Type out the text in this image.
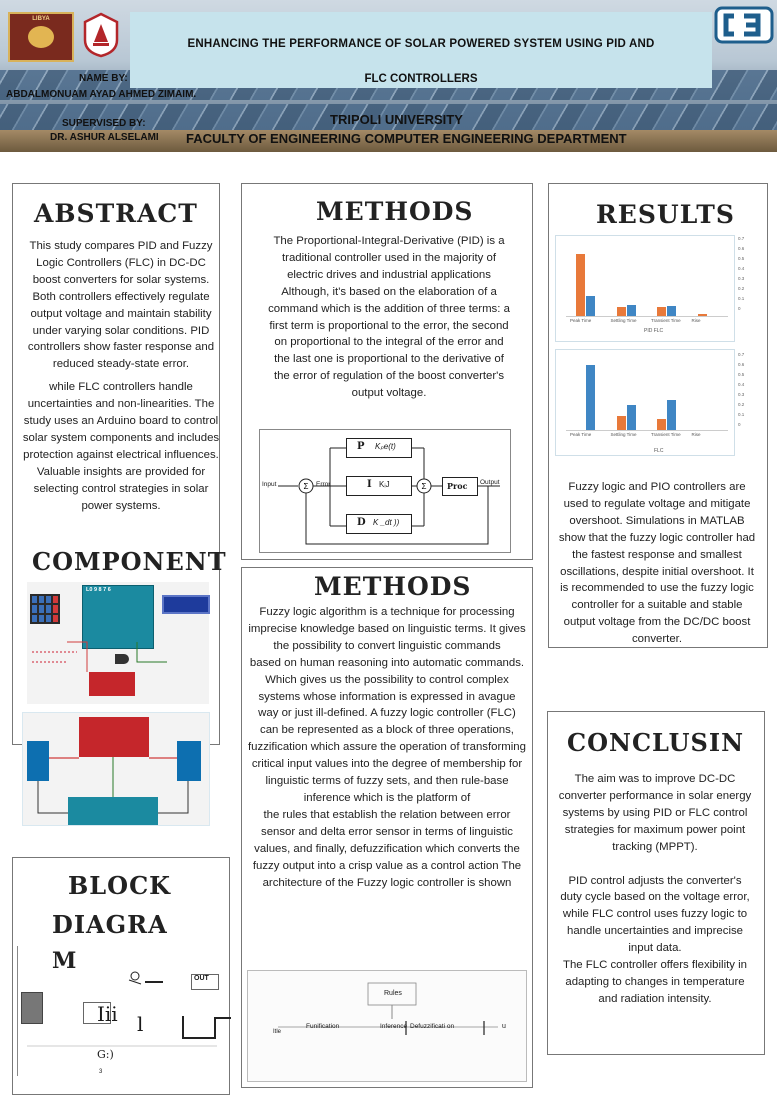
LIBYA
ENHANCING THE PERFORMANCE OF SOLAR POWERED SYSTEM USING PID AND
FLC CONTROLLERS
NAME BY:
ABDALMONUAM AYAD AHMED ZIMAIM.
SUPERVISED BY:
DR. ASHUR ALSELAMI
TRIPOLI UNIVERSITY
FACULTY OF ENGINEERING COMPUTER ENGINEERING DEPARTMENT
ABSTRACT

This study compares PID and Fuzzy Logic Controllers (FLC) in DC-DC boost converters for solar systems. Both controllers effectively regulate output voltage and maintain stability under varying solar conditions. PID controllers show faster response and reduced steady-state error.

while FLC controllers handle uncertainties and non-linearities. The study uses an Arduino board to control solar system components and includes protection against electrical influences.

Valuable insights are provided for selecting control strategies in solar power systems.

COMPONENT
L0 9 8 7 6
BLOCK
DIAGRA
M
OUT
Iii l
G:)
3
METHODS
The Proportional-Integral-Derivative (PID) is a traditional controller used in the majority of electric drives and industrial applications Although, it's based on the elaboration of a command which is the addition of three terms: a first term is proportional to the error, the second on proportional to the integral of the error and the last one is proportional to the derivative of the error of regulation of the boost converter's output voltage.
Σ	Σ
P Kₚe(t)
I KᵢJ
D K _dt ))
Proc
Input	Error	Output
METHODS

Fuzzy logic algorithm is a technique for processing imprecise knowledge based on linguistic terms. It gives the possibility to convert linguistic commands

based on human reasoning into automatic commands. Which gives us the possibility to control complex systems whose information is expressed in avague way or just ill-defined. A fuzzy logic controller (FLC) can be represented as a block of three operations, fuzzification which assure the operation of transforming critical input values into the degree of membership for linguistic terms of fuzzy sets, and then rule-base inference which is the platform of

the rules that establish the relation between error sensor and delta error sensor in terms of linguistic values, and finally, defuzzification which converts the

fuzzy output into a crisp value as a control action The architecture of the Fuzzy logic controller is shown

Rules
Funification	Inference Defuzzificati on
Itle
u
RESULTS
Peak Time	Settling Time	Transient Time Rise
PID FLC
Peak Time	Settling Time	Transient Time Rise
FLC
0.7
0.6
0.5
0.4
0.3
0.2
0.1
0
0.7
0.6
0.5
0.4
0.3
0.2
0.1
0
Fuzzy logic and PIO controllers are used to regulate voltage and mitigate overshoot. Simulations in MATLAB show that the fuzzy logic controller had the fastest response and smallest oscillations, despite initial overshoot. It is recommended to use the fuzzy logic controller for a suitable and stable output voltage from the DC/DC boost converter.
CONCLUSIN

The aim was to improve DC-DC converter performance in solar energy systems by using PID or FLC control strategies for maximum power point tracking (MPPT).

PID control adjusts the converter's duty cycle based on the voltage error, while FLC control uses fuzzy logic to handle uncertainties and imprecise input data.

The FLC controller offers flexibility in adapting to changes in temperature and radiation intensity.
